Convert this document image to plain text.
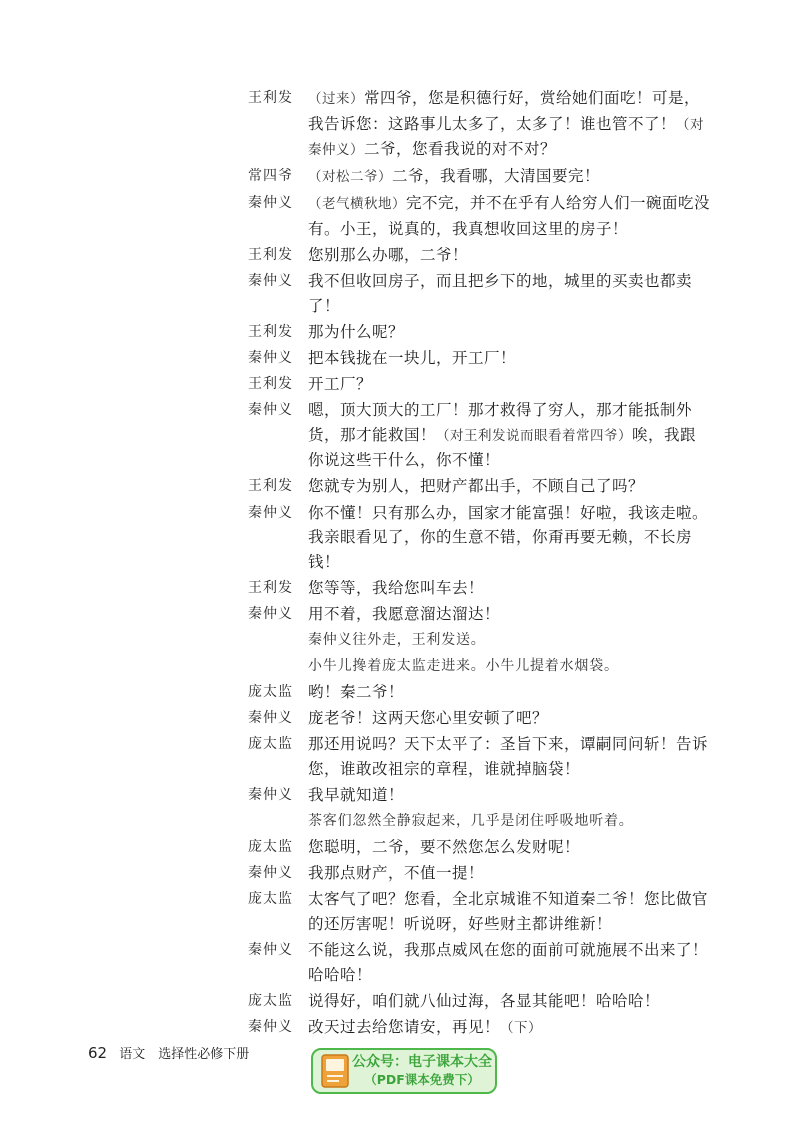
王利发	（过来）常四爷，您是积德行好，赏给她们面吃！可是，我告诉您：这路事儿太多了，太多了！谁也管不了！（对秦仲义）二爷，您看我说的对不对？
常四爷	（对松二爷）二爷，我看哪，大清国要完！
秦仲义	（老气横秋地）完不完，并不在乎有人给穷人们一碗面吃没有。小王，说真的，我真想收回这里的房子！
王利发 您别那么办哪，二爷！
秦仲义 我不但收回房子，而且把乡下的地，城里的买卖也都卖了！
王利发 那为什么呢？
秦仲义 把本钱拢在一块儿，开工厂！
王利发 开工厂？
秦仲义 嗯，顶大顶大的工厂！那才救得了穷人，那才能抵制外货，那才能救国！（对王利发说而眼看着常四爷）唉，我跟你说这些干什么，你不懂！
王利发 您就专为别人，把财产都出手，不顾自己了吗？
秦仲义 你不懂！只有那么办，国家才能富强！好啦，我该走啦。我亲眼看见了，你的生意不错，你甭再要无赖，不长房钱！
王利发 您等等，我给您叫车去！
秦仲义 用不着，我愿意溜达溜达！
秦仲义往外走，王利发送。
小牛儿搀着庞太监走进来。小牛儿提着水烟袋。
庞太监 哟！秦二爷！
秦仲义 庞老爷！这两天您心里安顿了吧？
庞太监 那还用说吗？天下太平了：圣旨下来，谭嗣同问斩！告诉您，谁敢改祖宗的章程，谁就掉脑袋！
秦仲义 我早就知道！
茶客们忽然全静寂起来，几乎是闭住呼吸地听着。
庞太监 您聪明，二爷，要不然您怎么发财呢！
秦仲义 我那点财产，不值一提！
庞太监 太客气了吧？您看，全北京城谁不知道秦二爷！您比做官的还厉害呢！听说呀，好些财主都讲维新！
秦仲义 不能这么说，我那点威风在您的面前可就施展不出来了！哈哈哈！
庞太监 说得好，咱们就八仙过海，各显其能吧！哈哈哈！
秦仲义 改天过去给您请安，再见！（下）
62 语文　选择性必修下册	公众号：电子课本大全
（PDF课本免费下）
